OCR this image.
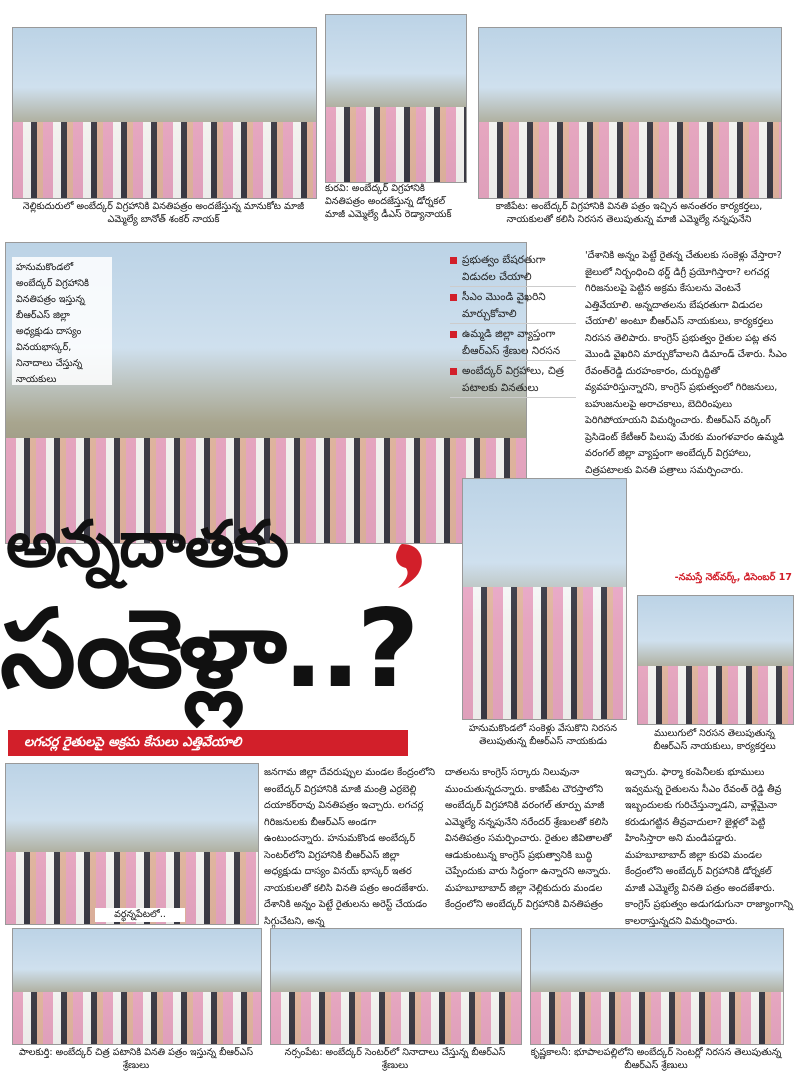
నెల్లికుదురులో అంబేద్కర్ విగ్రహానికి వినతిపత్రం అందజేస్తున్న మానుకోట మాజీ ఎమ్మెల్యే బానోత్ శంకర్ నాయక్
కురవి: అంబేద్కర్ విగ్రహానికి వినతిపత్రం అందజేస్తున్న డోర్నకల్ మాజీ ఎమ్మెల్యే డీఎస్ రెడ్యానాయక్
కాజీపేట: అంబేద్కర్ విగ్రహానికి వినతి పత్రం ఇచ్చిన అనంతరం కార్యకర్తలు, నాయకులతో కలిసి నిరసన తెలుపుతున్న మాజీ ఎమ్మెల్యే నన్నపునేని
హనుమకొండలో అంబేద్కర్ విగ్రహానికి వినతిపత్రం ఇస్తున్న బీఆర్ఎస్ జిల్లా అధ్యక్షుడు దాస్యం వినయభాస్కర్, నినాదాలు చేస్తున్న నాయకులు
ప్రభుత్వం బేషరతుగా విడుదల చేయాలి
సీఎం మొండి వైఖరిని మార్చుకోవాలి
ఉమ్మడి జిల్లా వ్యాప్తంగా బీఆర్ఎస్ శ్రేణుల నిరసన
అంబేద్కర్ విగ్రహాలు, చిత్ర పటాలకు వినతులు
'దేశానికి అన్నం పెట్టే రైతన్న చేతులకు సంకెళ్లు వేస్తారా? జైలులో నిర్బంధించి థర్డ్ డిగ్రీ ప్రయోగిస్తారా? లగచర్ల గిరిజనులపై పెట్టిన అక్రమ కేసులను వెంటనే ఎత్తివేయాలి. అన్నదాతలను బేషరతుగా విడుదల చేయాలి' అంటూ బీఆర్ఎస్ నాయకులు, కార్యకర్తలు నిరసన తెలిపారు. కాంగ్రెస్ ప్రభుత్వం రైతుల పట్ల తన మొండి వైఖరిని మార్చుకోవాలని డిమాండ్ చేశారు. సీఎం రేవంత్‌రెడ్డి దురహంకారం, దుర్బుద్ధితో వ్యవహరిస్తున్నారని, కాంగ్రెస్ ప్రభుత్వంలో గిరిజనులు, బహుజనులపై అరాచకాలు, బెదిరింపులు పెరిగిపోయాయని విమర్శించారు. బీఆర్ఎస్ వర్కింగ్ ప్రెసిడెంట్ కేటీఆర్ పిలుపు మేరకు మంగళవారం ఉమ్మడి వరంగల్ జిల్లా వ్యాప్తంగా అంబేద్కర్ విగ్రహాలు, చిత్రపటాలకు వినతి పత్రాలు సమర్పించారు.
-నమస్తే నెట్‌వర్క్, డిసెంబర్ 17
హనుమకొండలో సంకెళ్లు వేసుకొని నిరసన తెలుపుతున్న బీఆర్ఎస్ నాయకుడు
ములుగులో నిరసన తెలుపుతున్న బీఆర్ఎస్ నాయకులు, కార్యకర్తలు
అన్నదాతకు
సంకెళ్లా..?
లగచర్ల రైతులపై అక్రమ కేసులు ఎత్తివేయాలి
వర్ధన్నపేటలో..
జనగామ జిల్లా దేవరుప్పుల మండల కేంద్రంలోని అంబేద్కర్ విగ్రహానికి మాజీ మంత్రి ఎర్రబెల్లి దయాకర్‌రావు వినతిపత్రం ఇచ్చారు. లగచర్ల గిరిజనులకు బీఆర్ఎస్ అండగా ఉంటుందన్నారు. హనుమకొండ అంబేద్కర్ సెంటర్‌లోని విగ్రహానికి బీఆర్ఎస్ జిల్లా అధ్యక్షుడు దాస్యం వినయ్ భాస్కర్ ఇతర నాయకులతో కలిసి వినతి పత్రం అందజేశారు. దేశానికి అన్నం పెట్టే రైతులను అరెస్ట్ చేయడం సిగ్గుచేటని, అన్న
దాతలను కాంగ్రెస్ సర్కారు నిలువునా ముంచుతున్నదన్నారు. కాజీపేట చౌరస్తాలోని అంబేద్కర్ విగ్రహానికి వరంగల్ తూర్పు మాజీ ఎమ్మెల్యే నన్నపునేని నరేందర్ శ్రేణులతో కలిసి వినతిపత్రం సమర్పించారు. రైతుల జీవితాలతో ఆడుకుంటున్న కాంగ్రెస్ ప్రభుత్వానికి బుద్ధి చెప్పేందుకు వారు సిద్ధంగా ఉన్నారని అన్నారు. మహబూబాబాద్ జిల్లా నెల్లికుదురు మండల కేంద్రంలోని అంబేద్కర్ విగ్రహానికి వినతిపత్రం
ఇచ్చారు. ఫార్మా కంపెనీలకు భూములు ఇవ్వమన్న రైతులను సీఎం రేవంత్ రెడ్డి తీవ్ర ఇబ్బందులకు గురిచేస్తున్నాడని, వాళ్లేమైనా కరుడుగట్టిన తీవ్రవాదులా? జైళ్లలో పెట్టి హింసిస్తారా అని మండిపడ్డారు. మహబూబాబాద్ జిల్లా కురవి మండల కేంద్రంలోని అంబేద్కర్ విగ్రహానికి డోర్నకల్ మాజీ ఎమ్మెల్యే వినతి పత్రం అందజేశారు. కాంగ్రెస్ ప్రభుత్వం అడుగడుగునా రాజ్యాంగాన్ని కాలరాస్తున్నదని విమర్శించారు.
పాలకుర్తి: అంబేద్కర్ చిత్ర పటానికి వినతి పత్రం ఇస్తున్న బీఆర్ఎస్ శ్రేణులు
నర్సంపేట: అంబేద్కర్ సెంటర్‌లో నినాదాలు చేస్తున్న బీఆర్ఎస్ శ్రేణులు
కృష్ణకాలనీ: భూపాలపల్లిలోని అంబేద్కర్ సెంటర్లో నిరసన తెలుపుతున్న బీఆర్ఎస్ శ్రేణులు
